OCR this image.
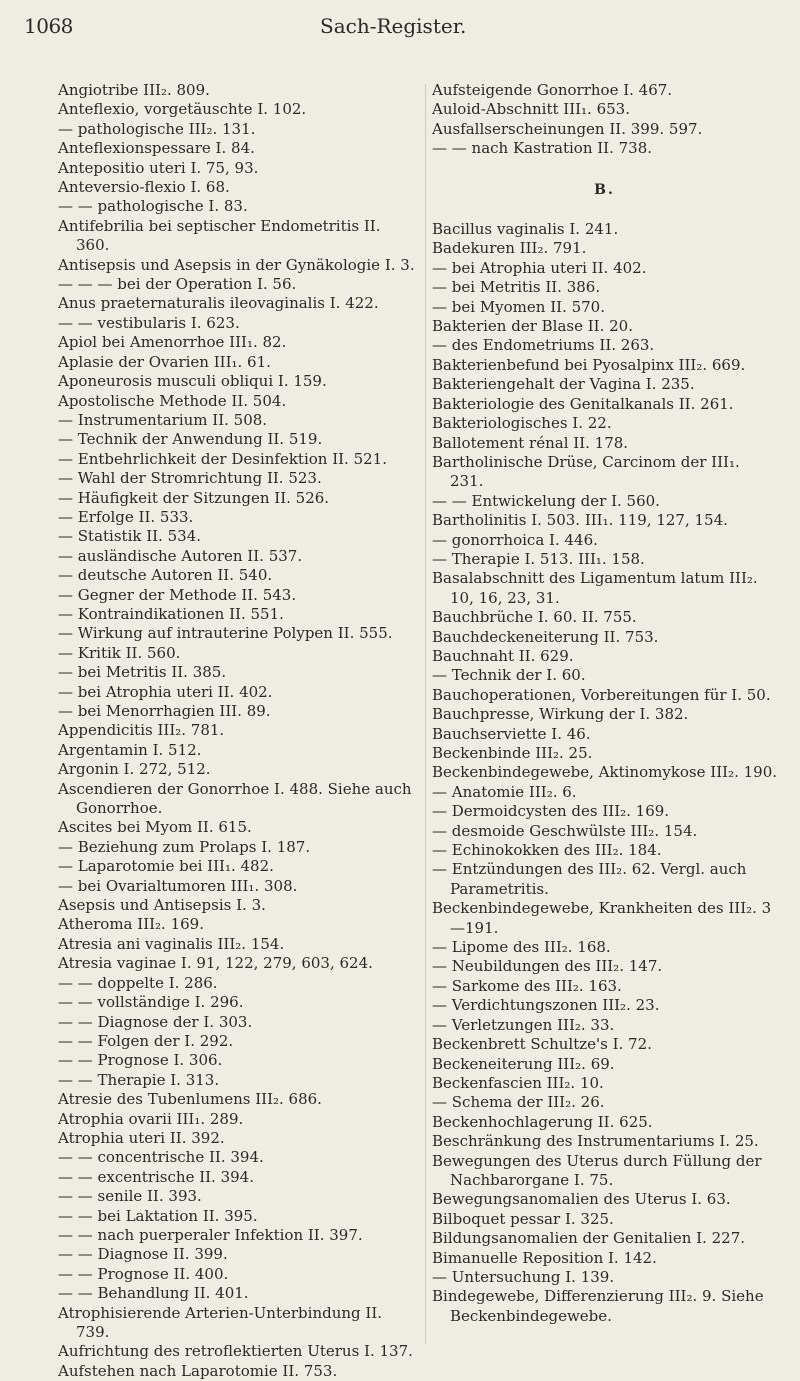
1068	Sach-Register.
Angiotribe III₂. 809.
Anteflexio, vorgetäuschte I. 102.
— pathologische III₂. 131.
Anteflexionspessare I. 84.
Antepositio uteri I. 75, 93.
Anteversio-flexio I. 68.
— — pathologische I. 83.
Antifebrilia bei septischer Endometritis II. 360.
Antisepsis und Asepsis in der Gynäkologie I. 3.
— — — bei der Operation I. 56.
Anus praeternaturalis ileovaginalis I. 422.
— — vestibularis I. 623.
Apiol bei Amenorrhoe III₁. 82.
Aplasie der Ovarien III₁. 61.
Aponeurosis musculi obliqui I. 159.
Apostolische Methode II. 504.
— Instrumentarium II. 508.
— Technik der Anwendung II. 519.
— Entbehrlichkeit der Desinfektion II. 521.
— Wahl der Stromrichtung II. 523.
— Häufigkeit der Sitzungen II. 526.
— Erfolge II. 533.
— Statistik II. 534.
— ausländische Autoren II. 537.
— deutsche Autoren II. 540.
— Gegner der Methode II. 543.
— Kontraindikationen II. 551.
— Wirkung auf intrauterine Polypen II. 555.
— Kritik II. 560.
— bei Metritis II. 385.
— bei Atrophia uteri II. 402.
— bei Menorrhagien III. 89.
Appendicitis III₂. 781.
Argentamin I. 512.
Argonin I. 272, 512.
Ascendieren der Gonorrhoe I. 488. Siehe auch Gonorrhoe.
Ascites bei Myom II. 615.
— Beziehung zum Prolaps I. 187.
— Laparotomie bei III₁. 482.
— bei Ovarialtumoren III₁. 308.
Asepsis und Antisepsis I. 3.
Atheroma III₂. 169.
Atresia ani vaginalis III₂. 154.
Atresia vaginae I. 91, 122, 279, 603, 624.
— — doppelte I. 286.
— — vollständige I. 296.
— — Diagnose der I. 303.
— — Folgen der I. 292.
— — Prognose I. 306.
— — Therapie I. 313.
Atresie des Tubenlumens III₂. 686.
Atrophia ovarii III₁. 289.
Atrophia uteri II. 392.
— — concentrische II. 394.
— — excentrische II. 394.
— — senile II. 393.
— — bei Laktation II. 395.
— — nach puerperaler Infektion II. 397.
— — Diagnose II. 399.
— — Prognose II. 400.
— — Behandlung II. 401.
Atrophisierende Arterien-Unterbindung II. 739.
Aufrichtung des retroflektierten Uterus I. 137.
Aufstehen nach Laparotomie II. 753.
Aufsteigende Gonorrhoe I. 467.
Auloid-Abschnitt III₁. 653.
Ausfallserscheinungen II. 399. 597.
— — nach Kastration II. 738.
B.
Bacillus vaginalis I. 241.
Badekuren III₂. 791.
— bei Atrophia uteri II. 402.
— bei Metritis II. 386.
— bei Myomen II. 570.
Bakterien der Blase II. 20.
— des Endometriums II. 263.
Bakterienbefund bei Pyosalpinx III₂. 669.
Bakteriengehalt der Vagina I. 235.
Bakteriologie des Genitalkanals II. 261.
Bakteriologisches I. 22.
Ballotement rénal II. 178.
Bartholinische Drüse, Carcinom der III₁. 231.
— — Entwickelung der I. 560.
Bartholinitis I. 503. III₁. 119, 127, 154.
— gonorrhoica I. 446.
— Therapie I. 513. III₁. 158.
Basalabschnitt des Ligamentum latum III₂. 10, 16, 23, 31.
Bauchbrüche I. 60. II. 755.
Bauchdeckeneiterung II. 753.
Bauchnaht II. 629.
— Technik der I. 60.
Bauchoperationen, Vorbereitungen für I. 50.
Bauchpresse, Wirkung der I. 382.
Bauchserviette I. 46.
Beckenbinde III₂. 25.
Beckenbindegewebe, Aktinomykose III₂. 190.
— Anatomie III₂. 6.
— Dermoidcysten des III₂. 169.
— desmoide Geschwülste III₂. 154.
— Echinokokken des III₂. 184.
— Entzündungen des III₂. 62. Vergl. auch Parametritis.
Beckenbindegewebe, Krankheiten des III₂. 3—191.
— Lipome des III₂. 168.
— Neubildungen des III₂. 147.
— Sarkome des III₂. 163.
— Verdichtungszonen III₂. 23.
— Verletzungen III₂. 33.
Beckenbrett Schultze's I. 72.
Beckeneiterung III₂. 69.
Beckenfascien III₂. 10.
— Schema der III₂. 26.
Beckenhochlagerung II. 625.
Beschränkung des Instrumentariums I. 25.
Bewegungen des Uterus durch Füllung der Nachbarorgane I. 75.
Bewegungsanomalien des Uterus I. 63.
Bilboquet pessar I. 325.
Bildungsanomalien der Genitalien I. 227.
Bimanuelle Reposition I. 142.
— Untersuchung I. 139.
Bindegewebe, Differenzierung III₂. 9. Siehe Beckenbindegewebe.
